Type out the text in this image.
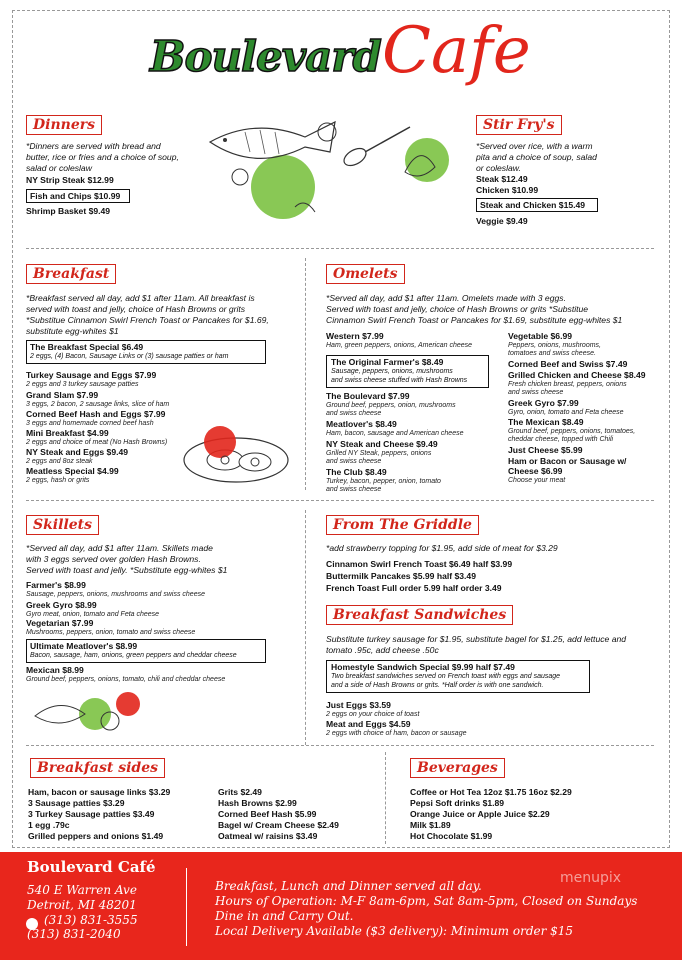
Boulevard Cafe
Dinners
*Dinners are served with bread and
butter, rice or fries and a choice of soup,
salad or coleslaw
NY Strip Steak $12.99
Fish and Chips $10.99
Shrimp Basket $9.49
Stir Fry's
*Served over rice, with a warm
pita and a choice of soup, salad
or coleslaw.
Steak $12.49
Chicken $10.99
Steak and Chicken $15.49
Veggie $9.49
Breakfast
*Breakfast served all day, add $1 after 11am. All breakfast is
served with toast and jelly, choice of Hash Browns or grits
*Substitue Cinnamon Swirl French Toast or Pancakes for $1.69,
substitute egg-whites $1
The Breakfast Special $6.49
2 eggs, (4) Bacon, Sausage Links or (3) sausage patties or ham
Turkey Sausage and Eggs $7.99
2 eggs and 3 turkey sausage patties
Grand Slam $7.99
3 eggs, 2 bacon, 2 sausage links, slice of ham
Corned Beef Hash and Eggs $7.99
3 eggs and homemade corned beef hash
Mini Breakfast $4.99
2 eggs and choice of meat (No Hash Browns)
NY Steak and Eggs $9.49
2 eggs and 8oz steak
Meatless Special $4.99
2 eggs, hash or grits
Omelets
*Served all day, add $1 after 11am. Omelets made with 3 eggs.
Served with toast and jelly, choice of Hash Browns or grits *Substitue
Cinnamon Swirl French Toast or Pancakes for $1.69, substitute egg-whites $1
Western $7.99
Ham, green peppers, onions, American cheese
The Original Farmer's $8.49
Sausage, peppers, onions, mushrooms
and swiss cheese stuffed with Hash Browns
The Boulevard $7.99
Ground beef, peppers, onion, mushrooms
and swiss cheese
Meatlover's $8.49
Ham, bacon, sausage and American cheese
NY Steak and Cheese $9.49
Grilled NY Steak, peppers, onions
and swiss cheese
The Club $8.49
Turkey, bacon, pepper, onion, tomato
and swiss cheese
Vegetable $6.99
Peppers, onions, mushrooms,
tomatoes and swiss cheese.
Corned Beef and Swiss $7.49
Grilled Chicken and Cheese $8.49
Fresh chicken breast, peppers, onions
and swiss cheese
Greek Gyro $7.99
Gyro, onion, tomato and Feta cheese
The Mexican $8.49
Ground beef, peppers, onions, tomatoes,
cheddar cheese, topped with Chili
Just Cheese $5.99
Ham or Bacon or Sausage w/
Cheese $6.99
Choose your meat
Skillets
*Served all day, add $1 after 11am. Skillets made
with 3 eggs served over golden Hash Browns.
Served with toast and jelly. *Substitute egg-whites $1
Farmer's $8.99
Sausage, peppers, onions, mushrooms and swiss cheese
Greek Gyro $8.99
Gyro meat, onion, tomato and Feta cheese
Vegetarian $7.99
Mushrooms, peppers, onion, tomato and swiss cheese
Ultimate Meatlover's $8.99
Bacon, sausage, ham, onions, green peppers and cheddar cheese
Mexican $8.99
Ground beef, peppers, onions, tomato, chili and cheddar cheese
From The Griddle
*add strawberry topping for $1.95, add side of meat for $3.29
Cinnamon Swirl French Toast $6.49 half $3.99
Buttermilk Pancakes $5.99 half $3.49
French Toast Full order 5.99 half order 3.49
Breakfast Sandwiches
Substitute turkey sausage for $1.95, substitute bagel for $1.25, add lettuce and
tomato .95c, add cheese .50c
Homestyle Sandwich Special $9.99 half $7.49
Two breakfast sandwiches served on French toast with eggs and sausage
and a side of Hash Browns or grits. *Half order is with one sandwich.
Just Eggs $3.59
2 eggs on your choice of toast
Meat and Eggs $4.59
2 eggs with choice of ham, bacon or sausage
Breakfast sides
Ham, bacon or sausage links $3.29
3 Sausage patties $3.29
3 Turkey Sausage patties $3.49
1 egg .79c
Grilled peppers and onions $1.49
Grits $2.49
Hash Browns $2.99
Corned Beef Hash $5.99
Bagel w/ Cream Cheese $2.49
Oatmeal w/ raisins $3.49
Beverages
Coffee or Hot Tea 12oz $1.75 16oz $2.29
Pepsi Soft drinks $1.89
Orange Juice or Apple Juice $2.29
Milk $1.89
Hot Chocolate $1.99
Boulevard Café
540 E Warren Ave
Detroit, MI 48201
(313) 831-3555
(313) 831-2040
Breakfast, Lunch and Dinner served all day.
Hours of Operation: M-F 8am-6pm, Sat 8am-5pm, Closed on Sundays
Dine in and Carry Out.
Local Delivery Available ($3 delivery): Minimum order $15
menupix
